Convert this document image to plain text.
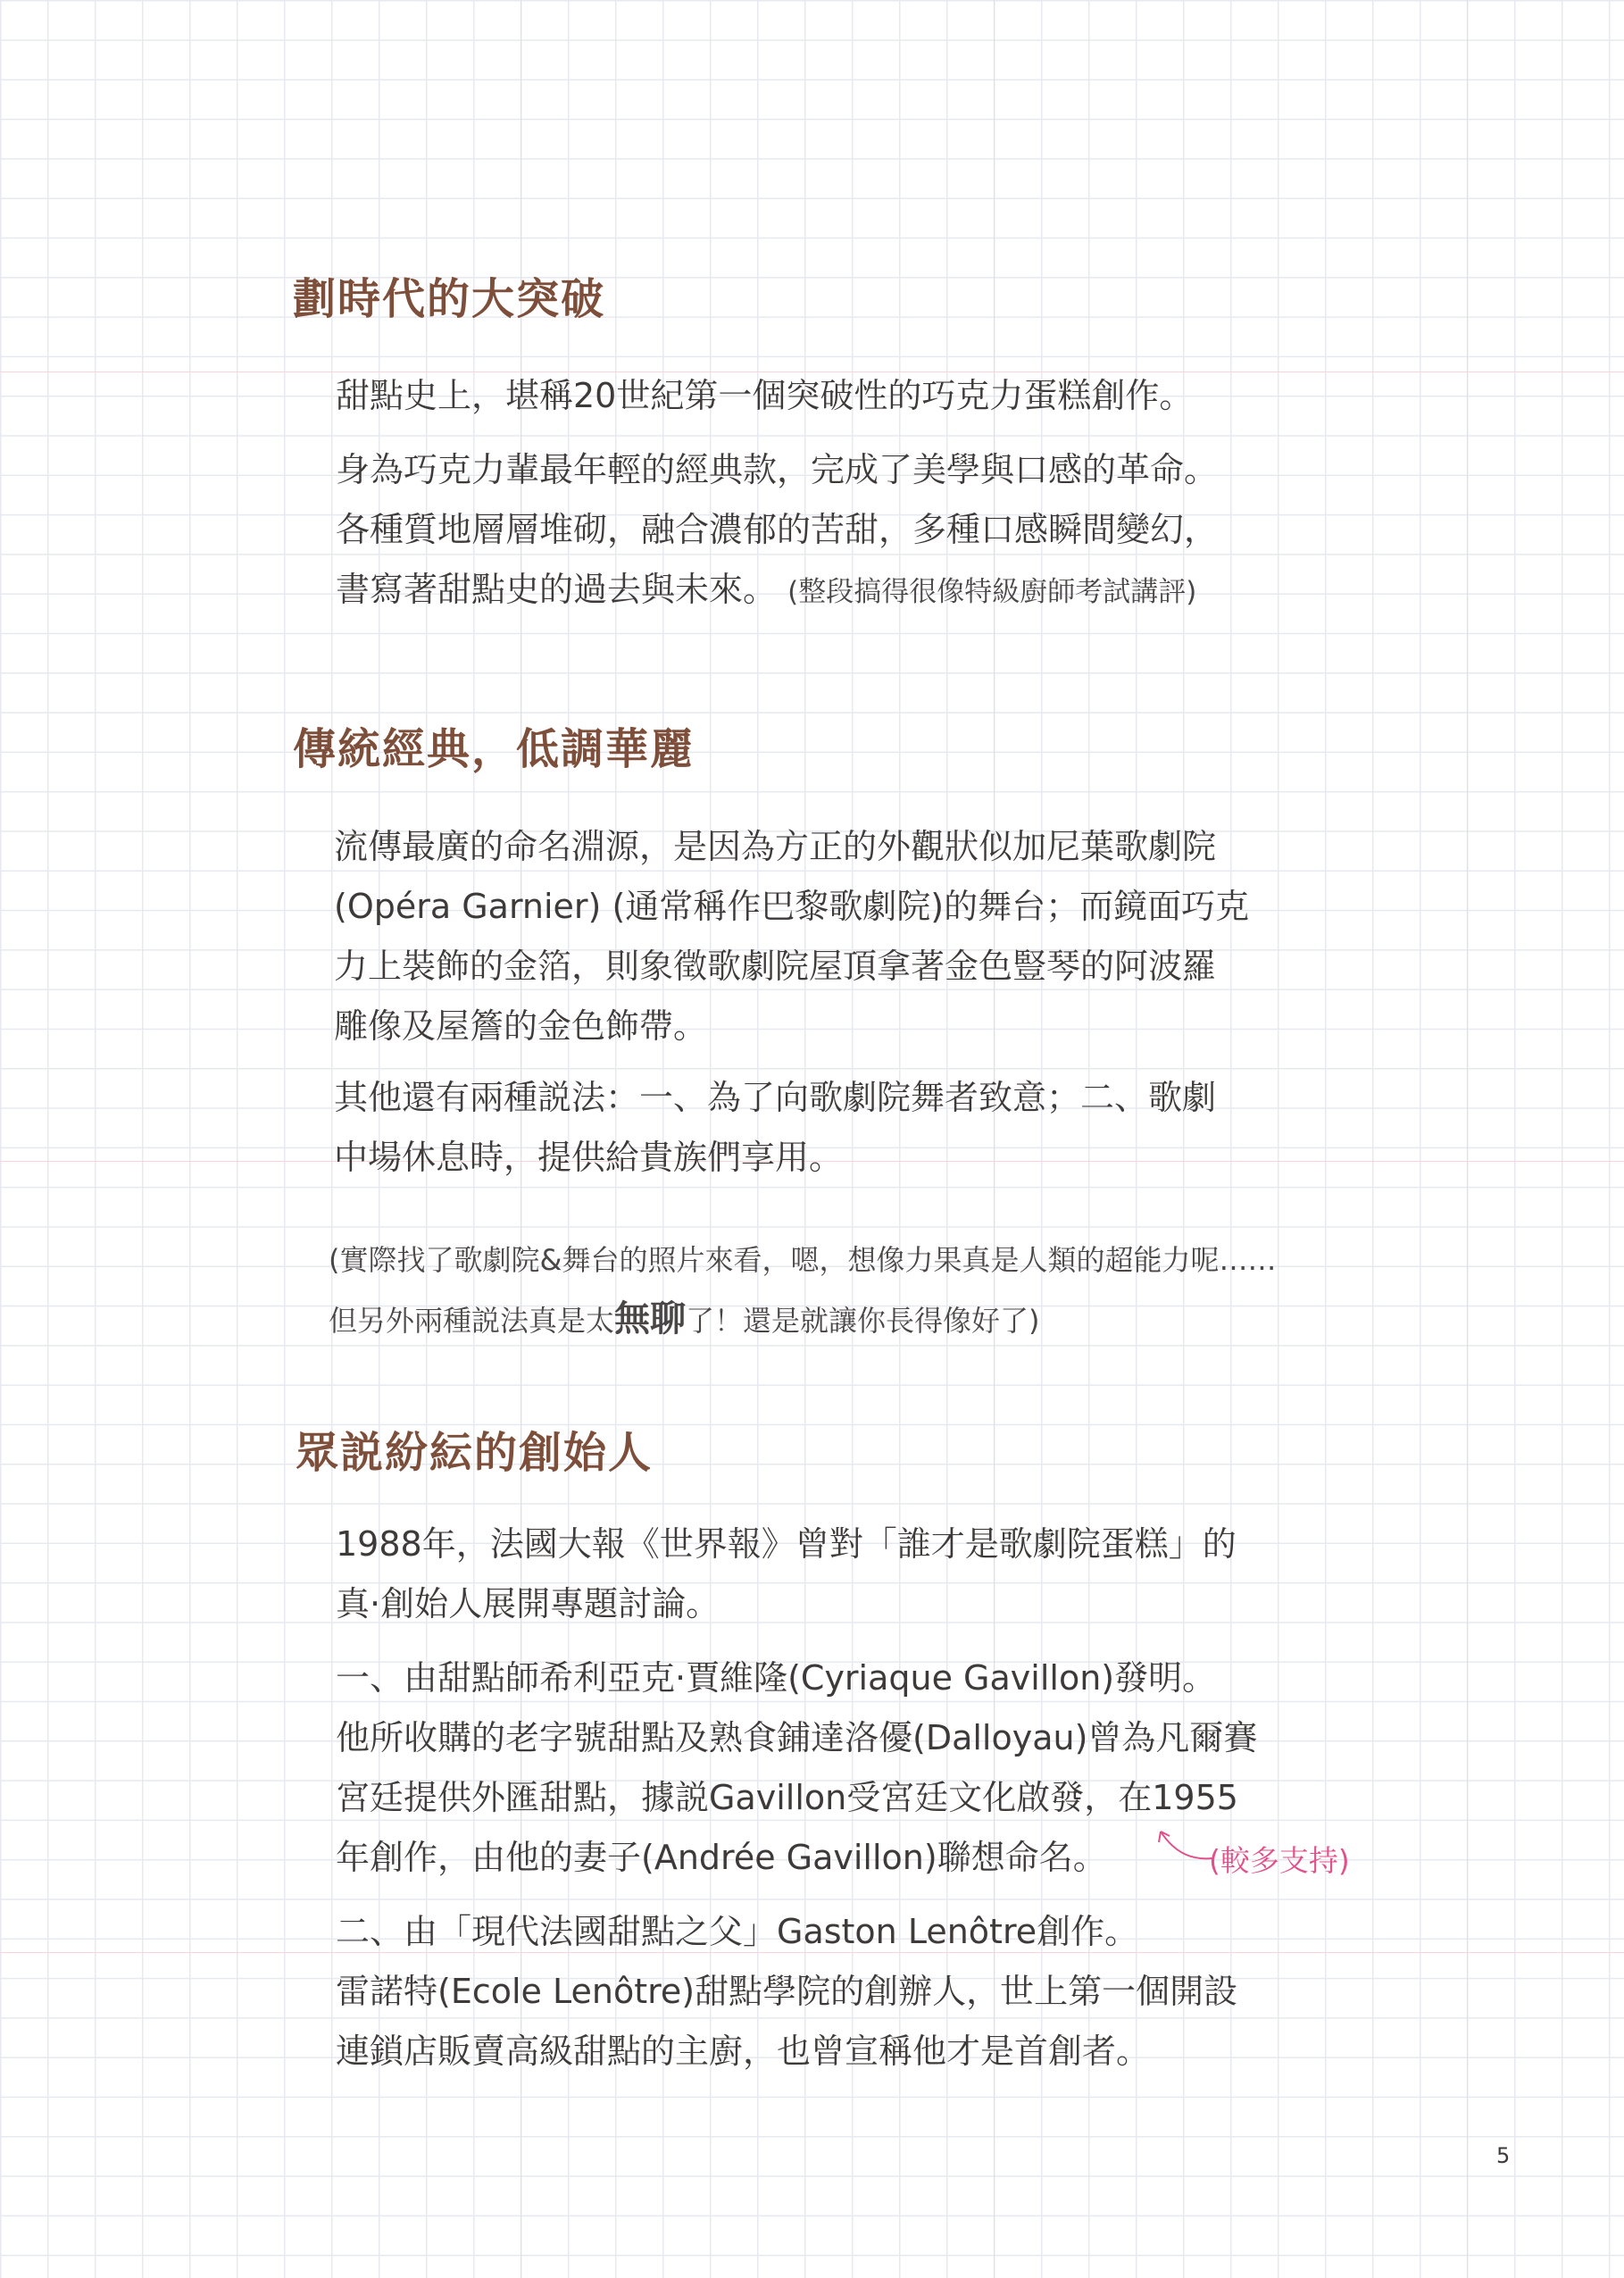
劃時代的大突破
甜點史上，堪稱20世紀第一個突破性的巧克力蛋糕創作。
身為巧克力輩最年輕的經典款，完成了美學與口感的革命。
各種質地層層堆砌，融合濃郁的苦甜，多種口感瞬間變幻，
書寫著甜點史的過去與未來。 (整段搞得很像特級廚師考試講評)
傳統經典，低調華麗
流傳最廣的命名淵源，是因為方正的外觀狀似加尼葉歌劇院
(Opéra Garnier) (通常稱作巴黎歌劇院)的舞台；而鏡面巧克
力上裝飾的金箔，則象徵歌劇院屋頂拿著金色豎琴的阿波羅
雕像及屋簷的金色飾帶。
其他還有兩種説法：一、為了向歌劇院舞者致意；二、歌劇
中場休息時，提供給貴族們享用。
(實際找了歌劇院&舞台的照片來看，嗯，想像力果真是人類的超能力呢……
但另外兩種説法真是太無聊了！還是就讓你長得像好了)
眾説紛紜的創始人
1988年，法國大報《世界報》曾對「誰才是歌劇院蛋糕」的
真·創始人展開專題討論。
一、由甜點師希利亞克·賈維隆(Cyriaque Gavillon)發明。
他所收購的老字號甜點及熟食鋪達洛優(Dalloyau)曾為凡爾賽
宮廷提供外匯甜點，據説Gavillon受宮廷文化啟發，在1955
年創作，由他的妻子(Andrée Gavillon)聯想命名。	(較多支持)
二、由「現代法國甜點之父」Gaston Lenôtre創作。
雷諾特(Ecole Lenôtre)甜點學院的創辦人，世上第一個開設
連鎖店販賣高級甜點的主廚，也曾宣稱他才是首創者。
5
